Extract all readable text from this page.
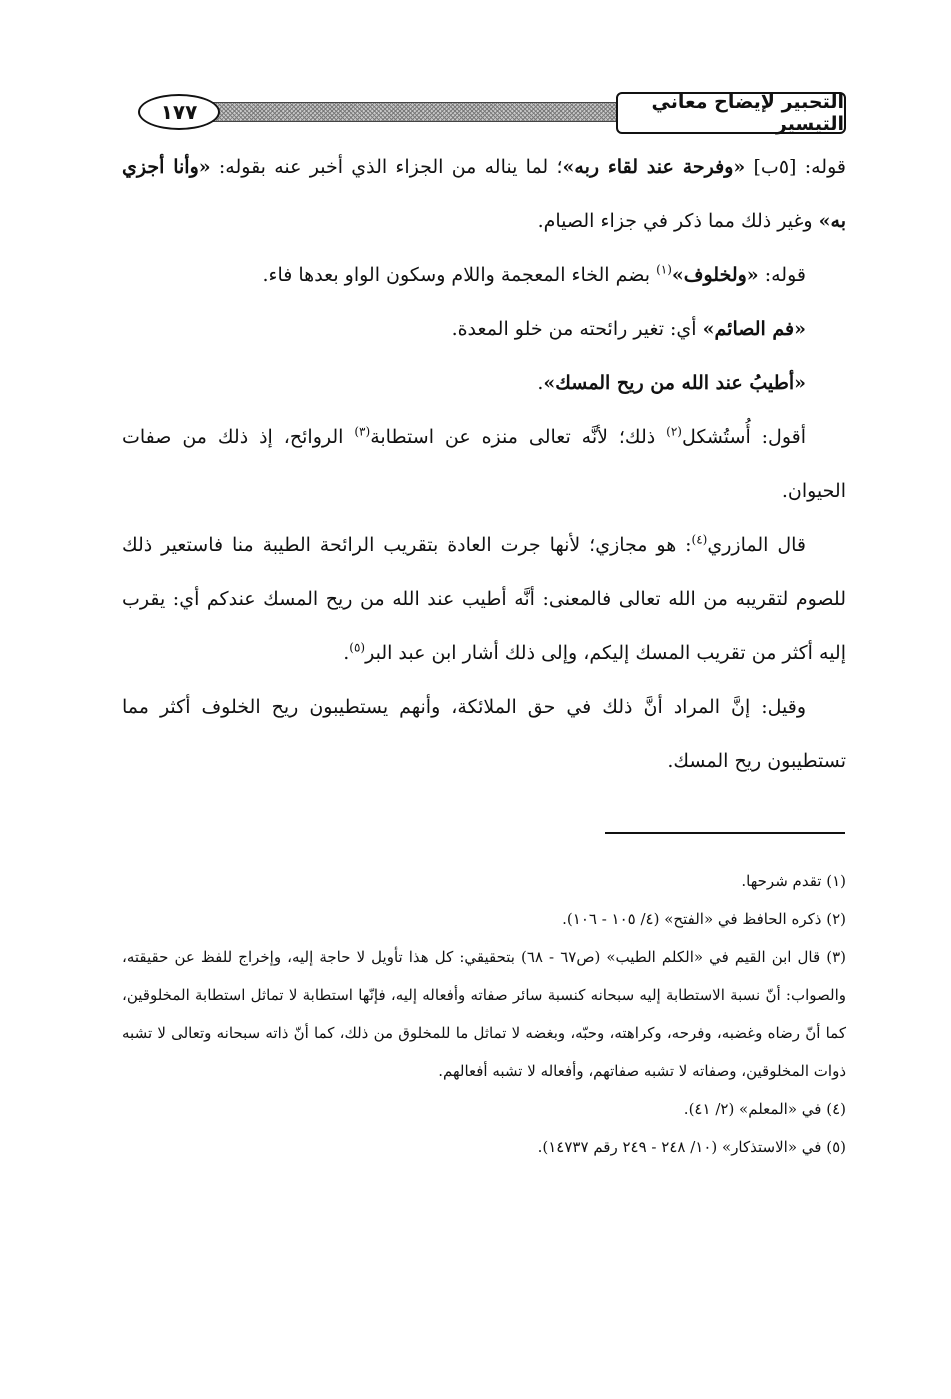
١٧٧	التحبير لإيضاح معاني التيسير

قوله: [٥ب] «وفرحة عند لقاء ربه»؛ لما يناله من الجزاء الذي أخبر عنه بقوله: «وأنا أجزي به» وغير ذلك مما ذكر في جزاء الصيام.

قوله: «ولخلوف»$^{(١)}$ بضم الخاء المعجمة واللام وسكون الواو بعدها فاء.

«فم الصائم» أي: تغير رائحته من خلو المعدة.

«أطيبُ عند الله من ريح المسك».

أقول: أُستُشكل$^{(٢)}$ ذلك؛ لأنَّه تعالى منزه عن استطابة$^{(٣)}$ الروائح، إذ ذلك من صفات الحيوان.

قال المازري$^{(٤)}$: هو مجازي؛ لأنها جرت العادة بتقريب الرائحة الطيبة منا فاستعير ذلك للصوم لتقريبه من الله تعالى فالمعنى: أنَّه أطيب عند الله من ريح المسك عندكم أي: يقرب إليه أكثر من تقريب المسك إليكم، وإلى ذلك أشار ابن عبد البر$^{(٥)}$.

وقيل: إنَّ المراد أنَّ ذلك في حق الملائكة، وأنهم يستطيبون ريح الخلوف أكثر مما تستطيبون ريح المسك.

(١) تقدم شرحها.

(٢) ذكره الحافظ في «الفتح» (٤/ ١٠٥ - ١٠٦).

(٣) قال ابن القيم في «الكلم الطيب» (ص٦٧ - ٦٨) بتحقيقي: كل هذا تأويل لا حاجة إليه، وإخراج للفظ عن حقيقته، والصواب: أنّ نسبة الاستطابة إليه سبحانه كنسبة سائر صفاته وأفعاله إليه، فإنّها استطابة لا تماثل استطابة المخلوقين، كما أنّ رضاه وغضبه، وفرحه، وكراهته، وحبّه، وبغضه لا تماثل ما للمخلوق من ذلك، كما أنّ ذاته سبحانه وتعالى لا تشبه ذوات المخلوقين، وصفاته لا تشبه صفاتهم، وأفعاله لا تشبه أفعالهم.

(٤) في «المعلم» (٢/ ٤١).

(٥) في «الاستذكار» (١٠/ ٢٤٨ - ٢٤٩ رقم ١٤٧٣٧).
